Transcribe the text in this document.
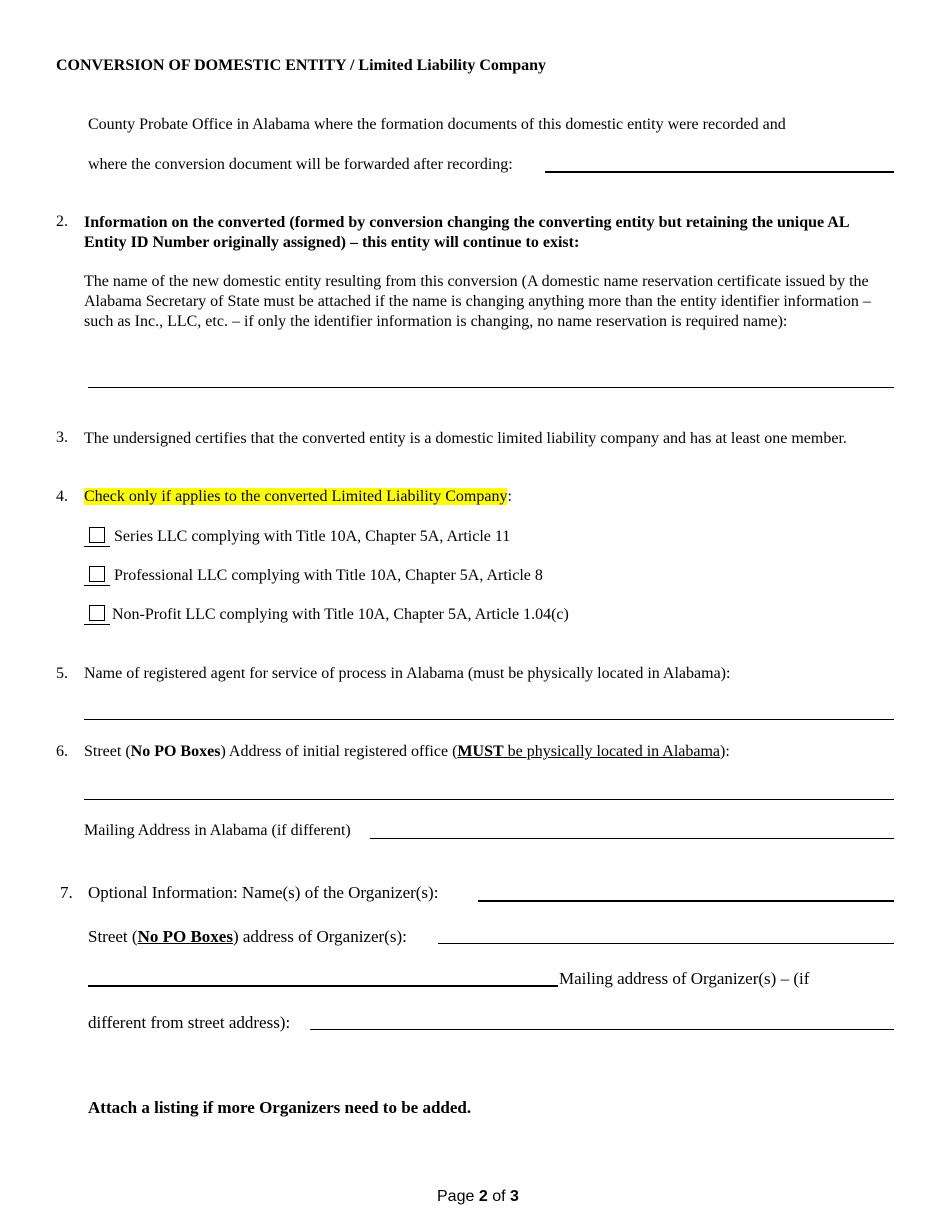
CONVERSION OF DOMESTIC ENTITY / Limited Liability Company
County Probate Office in Alabama where the formation documents of this domestic entity were recorded and
where the conversion document will be forwarded after recording:
2. Information on the converted (formed by conversion changing the converting entity but retaining the unique AL Entity ID Number originally assigned) – this entity will continue to exist:
The name of the new domestic entity resulting from this conversion (A domestic name reservation certificate issued by the Alabama Secretary of State must be attached if the name is changing anything more than the entity identifier information – such as Inc., LLC, etc. – if only the identifier information is changing, no name reservation is required name):
3. The undersigned certifies that the converted entity is a domestic limited liability company and has at least one member.
4. Check only if applies to the converted Limited Liability Company:
Series LLC complying with Title 10A, Chapter 5A, Article 11
Professional LLC complying with Title 10A, Chapter 5A, Article 8
Non-Profit LLC complying with Title 10A, Chapter 5A, Article 1.04(c)
5. Name of registered agent for service of process in Alabama (must be physically located in Alabama):
6. Street (No PO Boxes) Address of initial registered office (MUST be physically located in Alabama):
Mailing Address in Alabama (if different)
7. Optional Information: Name(s) of the Organizer(s):
Street (No PO Boxes) address of Organizer(s):
Mailing address of Organizer(s) – (if
different from street address):
Attach a listing if more Organizers need to be added.
Page 2 of 3
